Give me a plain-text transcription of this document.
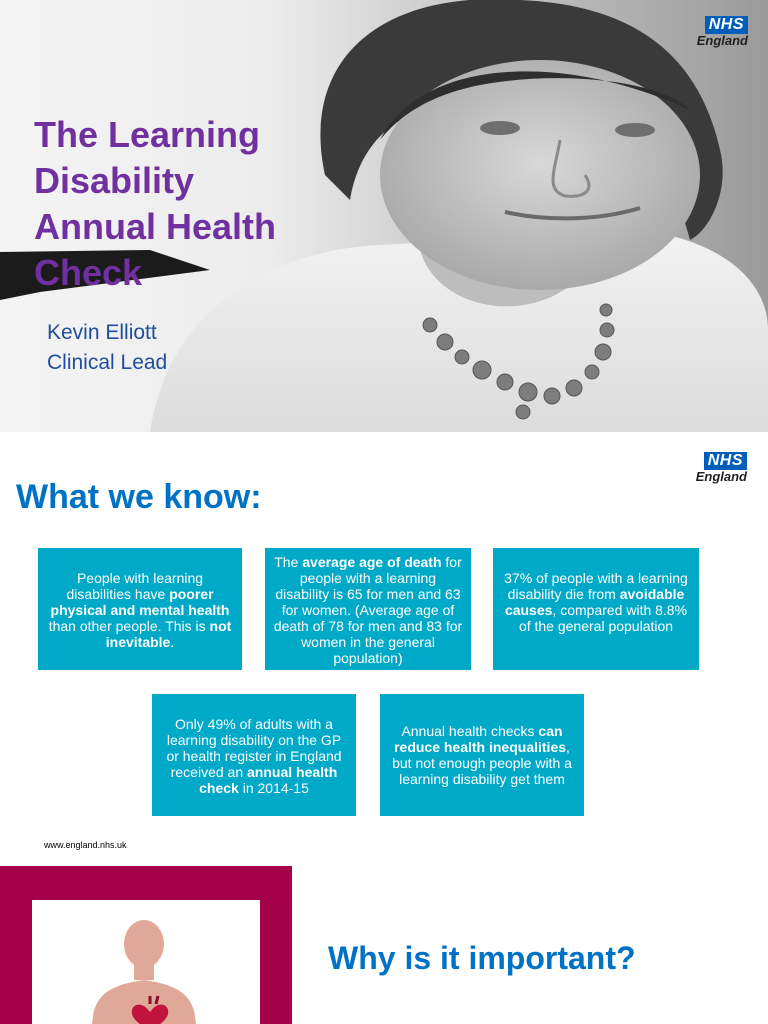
The Learning
Disability
Annual Health
Check
Kevin Elliott
Clinical Lead
NHS
England
NHS
England
What we know:
People with learning disabilities have poorer physical and mental health than other people. This is not inevitable.
The average age of death for people with a learning disability is 65 for men and 63 for women. (Average age of death of 78 for men and 83 for women in the general population)
37% of people with a learning disability die from avoidable causes, compared with 8.8% of the general population
Only 49% of adults with a learning disability on the GP or health register in England received an annual health check in 2014-15
Annual health checks can reduce health inequalities, but not enough people with a learning disability get them
www.england.nhs.uk
Why is it important?
